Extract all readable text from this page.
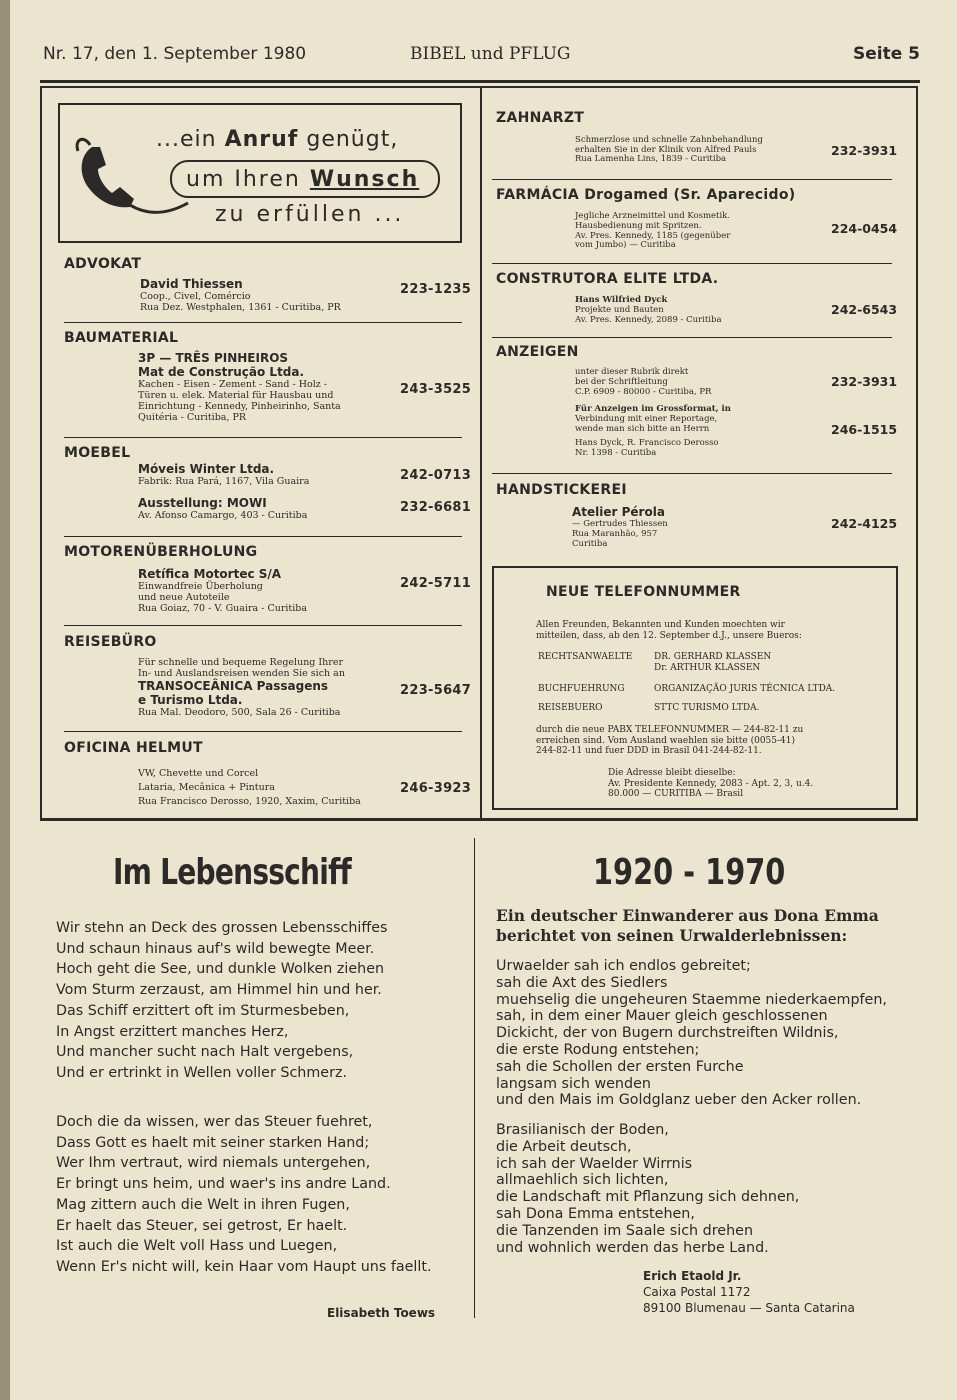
Nr. 17, den 1. September 1980	BIBEL und PFLUG	Seite 5
...ein Anruf genügt,
um Ihren Wunsch
zu erfüllen ...
ADVOKAT
David Thiessen
Coop., Civel, Comércio
Rua Dez. Westphalen, 1361 - Curitiba, PR
223-1235
BAUMATERIAL
3P — TRÊS PINHEIROS
Mat de Construção Ltda.
Kachen - Eisen - Zement - Sand - Holz -
Türen u. elek. Material für Hausbau und
Einrichtung - Kennedy, Pinheirinho, Santa
Quitéria - Curitiba, PR
243-3525
MOEBEL
Móveis Winter Ltda.
Fabrik: Rua Pará, 1167, Vila Guaira	242-0713
Ausstellung: MOWI
Av. Afonso Camargo, 403 - Curitiba
232-6681
MOTORENÜBERHOLUNG
Retífica Motortec S/A
Einwandfreie Überholung
und neue Autoteile
Rua Goiaz, 70 - V. Guaira - Curitiba
242-5711
REISEBÜRO
Für schnelle und bequeme Regelung Ihrer
In- und Auslandsreisen wenden Sie sich an
TRANSOCEÂNICA Passagens
e Turismo Ltda.
Rua Mal. Deodoro, 500, Sala 26 - Curitiba
223-5647
OFICINA HELMUT
VW, Chevette und Corcel
Lataria, Mecânica + Pintura
Rua Francisco Derosso, 1920, Xaxim, Curitiba
246-3923
ZAHNARZT
Schmerzlose und schnelle Zahnbehandlung
erhalten Sie in der Klinik von Alfred Pauls
Rua Lamenha Lins, 1839 - Curitiba
232-3931
FARMÁCIA Drogamed (Sr. Aparecido)
Jegliche Arzneimittel und Kosmetik.
Hausbedienung mit Spritzen.
Av. Pres. Kennedy, 1185 (gegenüber
vom Jumbo) — Curitiba
224-0454
CONSTRUTORA ELITE LTDA.
Hans Wilfried Dyck
Projekte und Bauten
Av. Pres. Kennedy, 2089 - Curitiba
242-6543
ANZEIGEN
unter dieser Rubrik direkt
bei der Schriftleitung
C.P. 6909 - 80000 - Curitiba, PR
232-3931
Für Anzeigen im Grossformat, in
Verbindung mit einer Reportage,
wende man sich bitte an Herrn
Hans Dyck, R. Francisco Derosso
Nr. 1398 - Curitiba
246-1515
HANDSTICKEREI
Atelier Pérola
— Gertrudes Thiessen
Rua Maranhão, 957
Curitiba
242-4125
NEUE TELEFONNUMMER
Allen Freunden, Bekannten und Kunden moechten wir
mitteilen, dass, ab den 12. September d.J., unsere Bueros:
RECHTSANWAELTE DR. GERHARD KLASSEN
Dr. ARTHUR KLASSEN
BUCHFUEHRUNG	ORGANIZAÇÃO JURIS TÉCNICA LTDA.
REISEBUERO	STTC TURISMO LTDA.
durch die neue PABX TELEFONNUMMER — 244-82-11 zu
erreichen sind. Vom Ausland waehlen sie bitte (0055-41)
244-82-11 und fuer DDD in Brasil 041-244-82-11.
Die Adresse bleibt dieselbe:
Av. Presidente Kennedy, 2083 - Apt. 2, 3, u.4.
80.000 — CURITIBA — Brasil
Im Lebensschiff
Wir stehn an Deck des grossen Lebensschiffes
Und schaun hinaus auf's wild bewegte Meer.
Hoch geht die See, und dunkle Wolken ziehen
Vom Sturm zerzaust, am Himmel hin und her.
Das Schiff erzittert oft im Sturmesbeben,
In Angst erzittert manches Herz,
Und mancher sucht nach Halt vergebens,
Und er ertrinkt in Wellen voller Schmerz.
Doch die da wissen, wer das Steuer fuehret,
Dass Gott es haelt mit seiner starken Hand;
Wer Ihm vertraut, wird niemals untergehen,
Er bringt uns heim, und waer's ins andre Land.
Mag zittern auch die Welt in ihren Fugen,
Er haelt das Steuer, sei getrost, Er haelt.
Ist auch die Welt voll Hass und Luegen,
Wenn Er's nicht will, kein Haar vom Haupt uns faellt.
Elisabeth Toews
1920 - 1970
Ein deutscher Einwanderer aus Dona Emma
berichtet von seinen Urwalderlebnissen:
Urwaelder sah ich endlos gebreitet;
sah die Axt des Siedlers
muehselig die ungeheuren Staemme niederkaempfen,
sah, in dem einer Mauer gleich geschlossenen
Dickicht, der von Bugern durchstreiften Wildnis,
die erste Rodung entstehen;
sah die Schollen der ersten Furche
langsam sich wenden
und den Mais im Goldglanz ueber den Acker rollen.
Brasilianisch der Boden,
die Arbeit deutsch,
ich sah der Waelder Wirrnis
allmaehlich sich lichten,
die Landschaft mit Pflanzung sich dehnen,
sah Dona Emma entstehen,
die Tanzenden im Saale sich drehen
und wohnlich werden das herbe Land.
Erich Etaold Jr.
Caixa Postal 1172
89100 Blumenau — Santa Catarina
